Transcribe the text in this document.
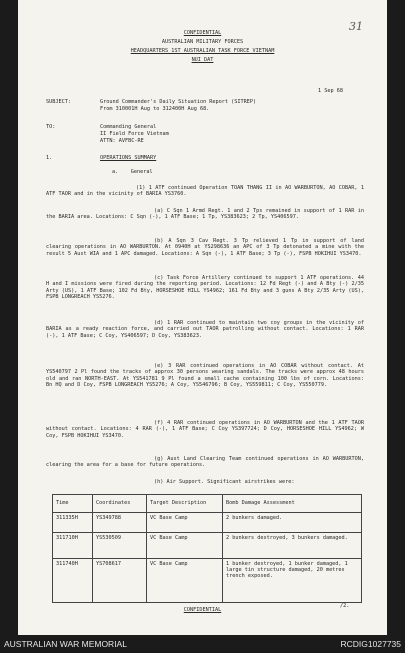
31
CONFIDENTIAL
AUSTRALIAN MILITARY FORCES
HEADQUARTERS 1ST AUSTRALIAN TASK FORCE VIETNAM
NUI DAT
1 Sep 68
SUBJECT:	Ground Commander's Daily Situation Report (SITREP)
From 310001H Aug to 312400H Aug 68.
TO:	Commanding General
II Field Force Vietnam
ATTN: AVFBC-RE
1.	OPERATIONS SUMMARY
a.    General
(1) 1 ATF continued Operation TOAN THANG II in AO WARBURTON, AO COBAR, 1 ATF TAOR and in the vicinity of BARIA YS3760.
(a) C Sqn 1 Armd Regt. 1 and 2 Tps remained in support of 1 RAR in the BARIA area. Locations: C Sqn (-), 1 ATF Base; 1 Tp, YS383623; 2 Tp, YS406597.
(b) A Sqn 3 Cav Regt. 3 Tp relieved 1 Tp in support of land clearing operations in AO WARBURTON. At 0940H at YS298636 an APC of 3 Tp detonated a mine with the result 5 Aust WIA and 1 APC damaged. Locations: A Sqn (-), 1 ATF Base; 3 Tp (-), FSPB HOKIHUI YS3470.
(c) Task Force Artillery continued to support 1 ATF operations. 44 H and I missions were fired during the reporting period. Locations: 12 Fd Regt (-) and A Bty (-) 2/35 Arty (US), 1 ATF Base; 102 Fd Bty, HORSESHOE HILL YS4962; 161 Fd Bty and 3 guns A Bty 2/35 Arty (US), FSPB LONGREACH YS5276.
(d) 1 RAR continued to maintain two coy groups in the vicinity of BARIA as a ready reaction force, and carried out TAOR patrolling without contact. Locations: 1 RAR (-), 1 ATF Base; C Coy, YS406597; D Coy, YS383623.
(e) 3 RAR continued operations in AO COBAR without contact. At YS540797 2 Pl found the tracks of approx 30 persons wearing sandals. The tracks were approx 48 hours old and ran NORTH-EAST. At YS541781 9 Pl found a small cache containing 100 lbs of corn. Locations: Bn HQ and D Coy, FSPB LONGREACH YS5276; A Coy, YS546796; B Coy, YS559811; C Coy, YS550779.
(f) 4 RAR continued operations in AO WARBURTON and the 1 ATF TAOR without contact. Locations: 4 RAR (-), 1 ATF Base; C Coy YS397724; D Coy, HORSESHOE HILL YS4962; W Coy, FSPB HOKIHUI YS3470.
(g) Aust Land Clearing Team continued operations in AO WARBURTON, clearing the area for a base for future operations.
(h) Air Support. Significant airstrikes were:
Time	Coordinates	Target Description	Bomb Damage Assessment
311335H	YS349788	VC Base Camp	2 bunkers damaged.
311710H	YS530509	VC Base Camp	2 bunkers destroyed, 3 bunkers damaged.
311740H	YS708617	VC Base Camp	1 bunker destroyed, 1 bunker damaged, 1 large tin structure damaged, 20 metres trench exposed.
CONFIDENTIAL
/2.
AUSTRALIAN WAR MEMORIAL	RCDIG1027735
